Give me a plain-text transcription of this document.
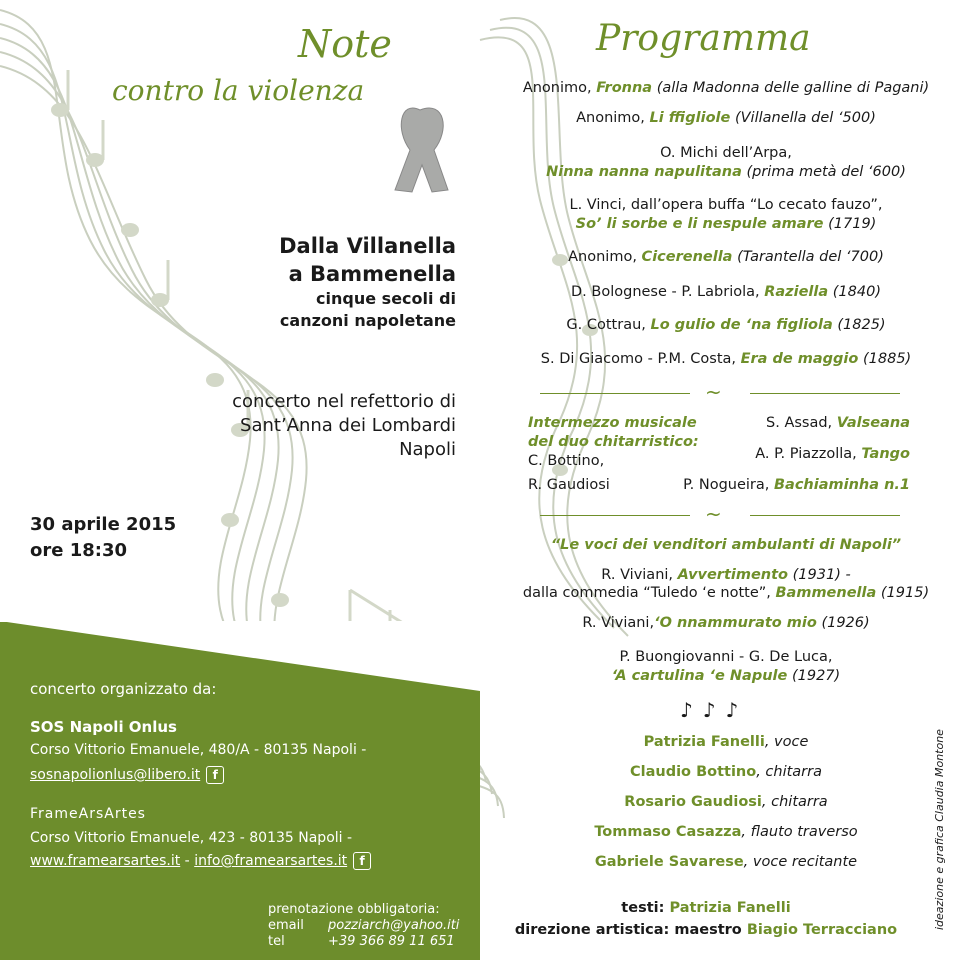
Note
contro la violenza
Dalla Villanella
a Bammenella
cinque secoli di
canzoni napoletane
concerto nel refettorio di
Sant’Anna dei Lombardi
Napoli
30 aprile 2015
ore 18:30
concerto organizzato da:
SOS Napoli Onlus
Corso Vittorio Emanuele, 480/A - 80135 Napoli -
sosnapolionlus@libero.it f
FrameArsArtes
Corso Vittorio Emanuele, 423 - 80135 Napoli -
www.framearsartes.it - info@framearsartes.it f
prenotazione obbligatoria:
email	pozziarch@yahoo.iti
tel	+39 366 89 11 651
Programma
Anonimo, Fronna (alla Madonna delle galline di Pagani)
Anonimo, Li ffigliole (Villanella del ‘500)
O. Michi dell’Arpa,
Ninna nanna napulitana (prima metà del ‘600)
L. Vinci, dall’opera buffa “Lo cecato fauzo”,
So’ li sorbe e li nespule amare (1719)
Anonimo, Cicerenella (Tarantella del ‘700)
D. Bolognese - P. Labriola, Raziella (1840)
G. Cottrau, Lo gulio de ‘na figliola (1825)
S. Di Giacomo - P.M. Costa, Era de maggio (1885)
~
Intermezzo musicale
del duo chitarristico:
C. Bottino,
R. Gaudiosi
S. Assad, Valseana
A. P. Piazzolla, Tango
P. Nogueira, Bachiaminha n.1
~
“Le voci dei venditori ambulanti di Napoli”
R. Viviani, Avvertimento (1931) -
dalla commedia “Tuledo ‘e notte”, Bammenella (1915)
R. Viviani,‘O nnammurato mio (1926)
P. Buongiovanni - G. De Luca,
‘A cartulina ‘e Napule (1927)
♪♪♪
Patrizia Fanelli, voce
Claudio Bottino, chitarra
Rosario Gaudiosi, chitarra
Tommaso Casazza, flauto traverso
Gabriele Savarese, voce recitante
testi: Patrizia Fanelli
direzione artistica: maestro Biagio Terracciano	ideazione e grafica Claudia Montone
